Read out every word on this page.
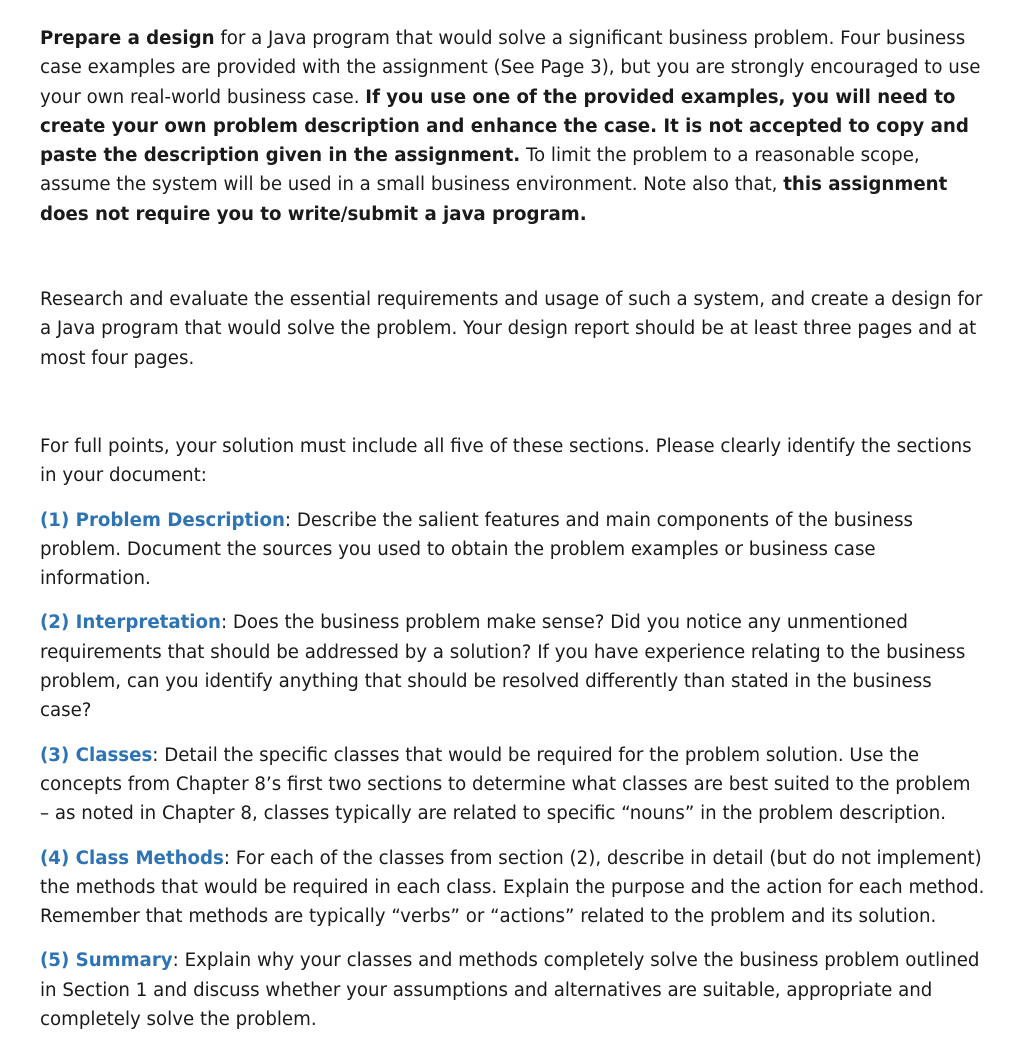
Prepare a design for a Java program that would solve a significant business problem. Four business case examples are provided with the assignment (See Page 3), but you are strongly encouraged to use your own real-world business case. If you use one of the provided examples, you will need to create your own problem description and enhance the case. It is not accepted to copy and paste the description given in the assignment. To limit the problem to a reasonable scope, assume the system will be used in a small business environment. Note also that, this assignment does not require you to write/submit a java program.

Research and evaluate the essential requirements and usage of such a system, and create a design for a Java program that would solve the problem. Your design report should be at least three pages and at most four pages.

For full points, your solution must include all five of these sections. Please clearly identify the sections in your document:

(1) Problem Description: Describe the salient features and main components of the business problem. Document the sources you used to obtain the problem examples or business case information.

(2) Interpretation: Does the business problem make sense? Did you notice any unmentioned requirements that should be addressed by a solution? If you have experience relating to the business problem, can you identify anything that should be resolved differently than stated in the business case?

(3) Classes: Detail the specific classes that would be required for the problem solution. Use the concepts from Chapter 8’s first two sections to determine what classes are best suited to the problem – as noted in Chapter 8, classes typically are related to specific “nouns” in the problem description.

(4) Class Methods: For each of the classes from section (2), describe in detail (but do not implement) the methods that would be required in each class. Explain the purpose and the action for each method. Remember that methods are typically “verbs” or “actions” related to the problem and its solution.

(5) Summary: Explain why your classes and methods completely solve the business problem outlined in Section 1 and discuss whether your assumptions and alternatives are suitable, appropriate and completely solve the problem.
